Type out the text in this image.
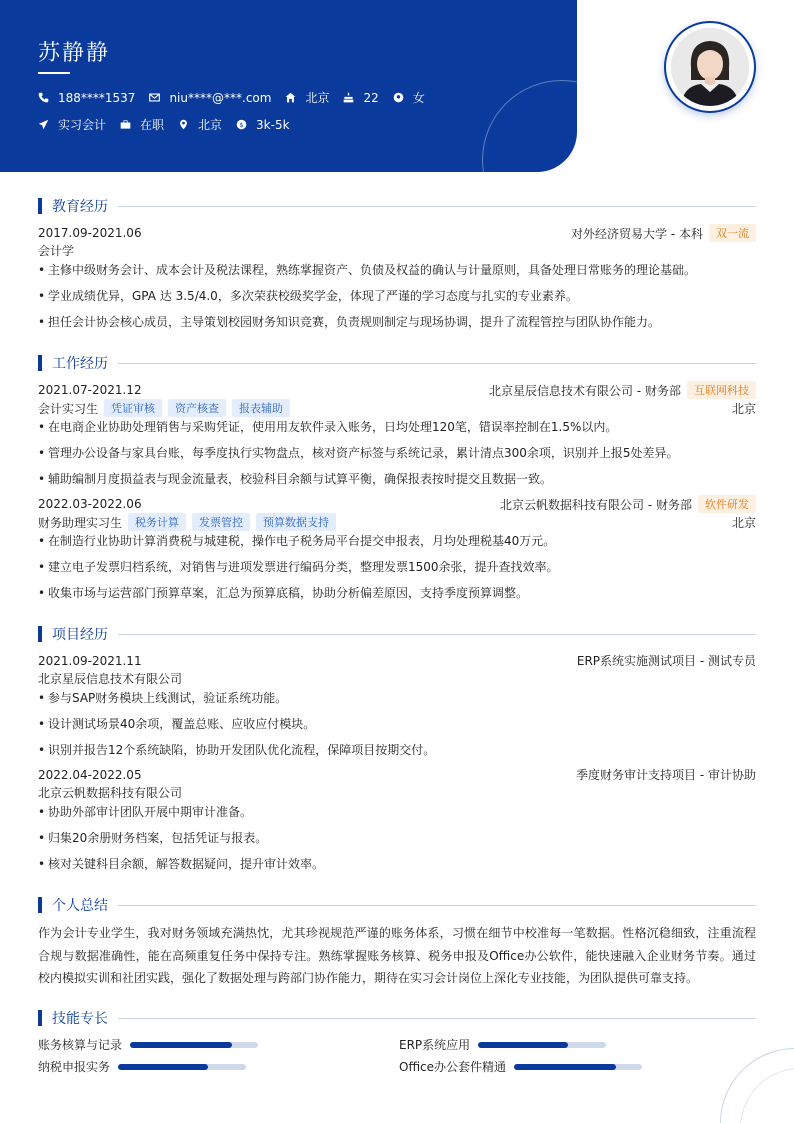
苏静静
188****1537	niu****@***.com	北京	22	女
实习会计	在职	北京 $ 3k-5k
教育经历
2017.09-2021.06	对外经济贸易大学 - 本科	双一流
会计学
• 主修中级财务会计、成本会计及税法课程，熟练掌握资产、负债及权益的确认与计量原则，具备处理日常账务的理论基础。
• 学业成绩优异，GPA 达 3.5/4.0，多次荣获校级奖学金，体现了严谨的学习态度与扎实的专业素养。
• 担任会计协会核心成员，主导策划校园财务知识竞赛，负责规则制定与现场协调，提升了流程管控与团队协作能力。
工作经历
2021.07-2021.12	北京星辰信息技术有限公司 - 财务部	互联网科技
会计实习生	凭证审核	资产核查	报表辅助	北京
• 在电商企业协助处理销售与采购凭证，使用用友软件录入账务，日均处理120笔，错误率控制在1.5%以内。
• 管理办公设备与家具台账，每季度执行实物盘点，核对资产标签与系统记录，累计清点300余项，识别并上报5处差异。
• 辅助编制月度损益表与现金流量表，校验科目余额与试算平衡，确保报表按时提交且数据一致。
2022.03-2022.06	北京云帆数据科技有限公司 - 财务部	软件研发
财务助理实习生	税务计算	发票管控	预算数据支持	北京
• 在制造行业协助计算消费税与城建税，操作电子税务局平台提交申报表，月均处理税基40万元。
• 建立电子发票归档系统，对销售与进项发票进行编码分类，整理发票1500余张，提升查找效率。
• 收集市场与运营部门预算草案，汇总为预算底稿，协助分析偏差原因，支持季度预算调整。
项目经历
2021.09-2021.11	ERP系统实施测试项目 - 测试专员
北京星辰信息技术有限公司
• 参与SAP财务模块上线测试，验证系统功能。
• 设计测试场景40余项，覆盖总账、应收应付模块。
• 识别并报告12个系统缺陷，协助开发团队优化流程，保障项目按期交付。
2022.04-2022.05	季度财务审计支持项目 - 审计协助
北京云帆数据科技有限公司
• 协助外部审计团队开展中期审计准备。
• 归集20余册财务档案，包括凭证与报表。
• 核对关键科目余额，解答数据疑问，提升审计效率。
个人总结
作为会计专业学生，我对财务领域充满热忱，尤其珍视规范严谨的账务体系，习惯在细节中校准每一笔数据。性格沉稳细致，注重流程合规与数据准确性，能在高频重复任务中保持专注。熟练掌握账务核算、税务申报及Office办公软件，能快速融入企业财务节奏。通过校内模拟实训和社团实践，强化了数据处理与跨部门协作能力，期待在实习会计岗位上深化专业技能，为团队提供可靠支持。
技能专长
账务核算与记录	ERP系统应用
纳税申报实务	Office办公套件精通
